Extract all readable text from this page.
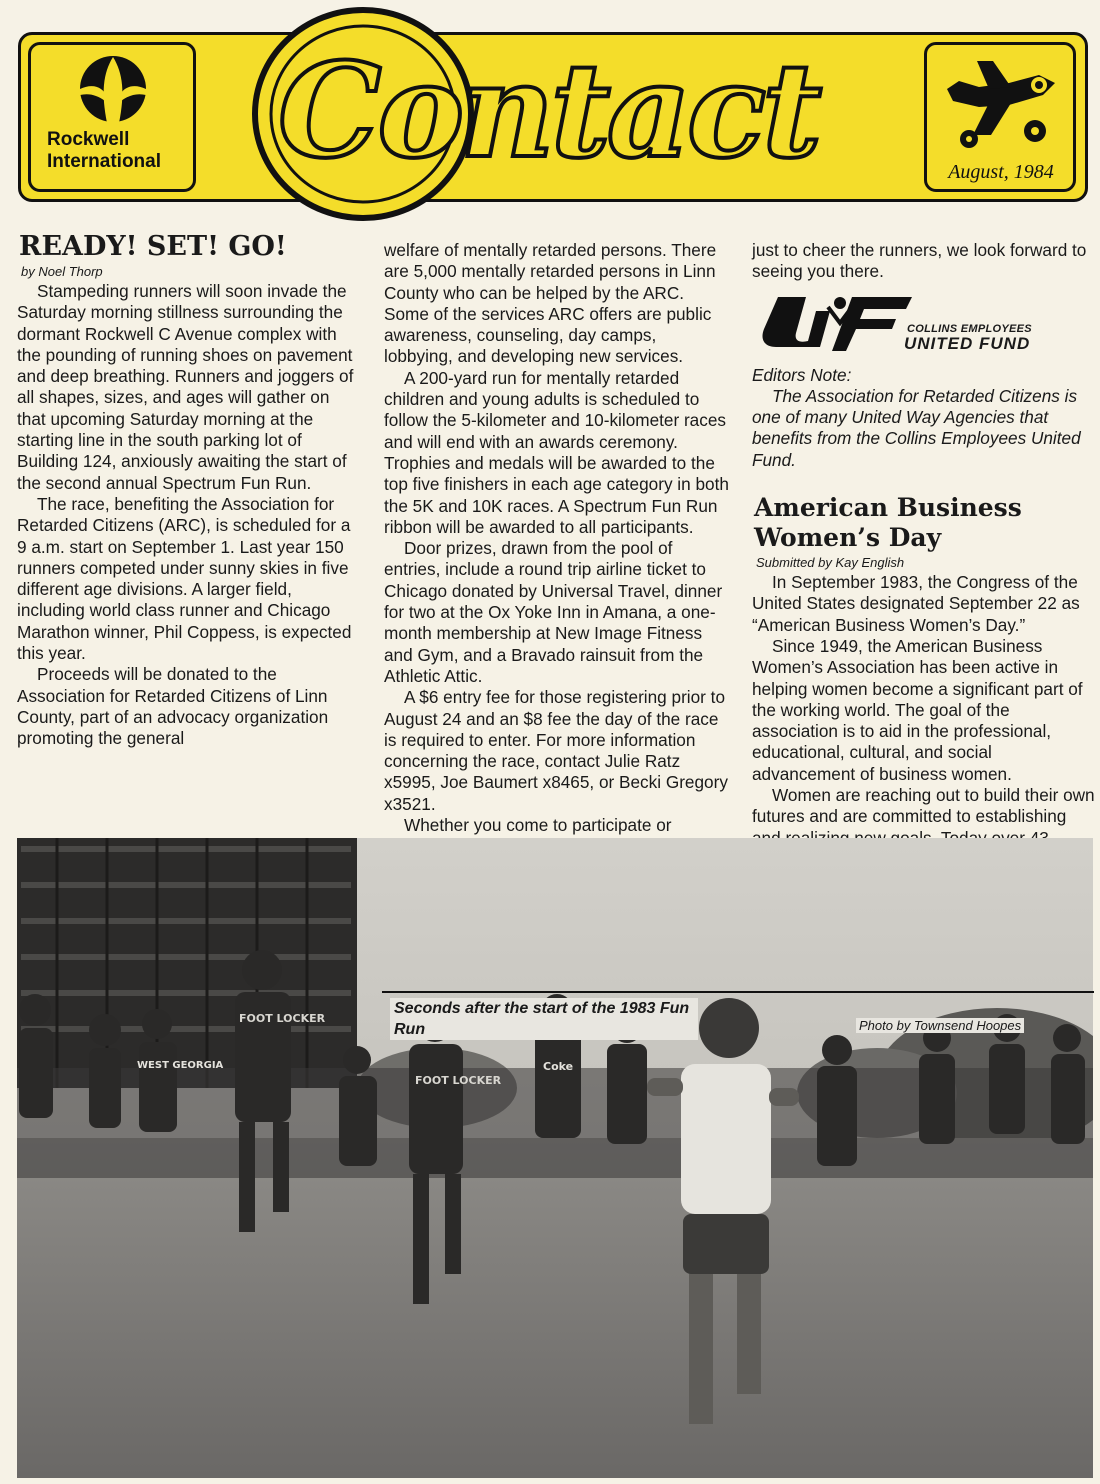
Rockwell
International Contact	August, 1984
READY! SET! GO!
by Noel Thorp

Stampeding runners will soon invade the Saturday morning stillness surrounding the dormant Rockwell C Avenue complex with the pounding of running shoes on pavement and deep breathing. Runners and joggers of all shapes, sizes, and ages will gather on that upcoming Saturday morning at the starting line in the south parking lot of Building 124, anxiously awaiting the start of the second annual Spectrum Fun Run.

The race, benefiting the Association for Retarded Citizens (ARC), is scheduled for a 9 a.m. start on September 1. Last year 150 runners competed under sunny skies in five different age divisions. A larger field, including world class runner and Chicago Marathon winner, Phil Coppess, is expected this year.

Proceeds will be donated to the Association for Retarded Citizens of Linn County, part of an advocacy organization promoting the general

welfare of mentally retarded persons. There are 5,000 mentally retarded persons in Linn County who can be helped by the ARC. Some of the services ARC offers are public awareness, counseling, day camps, lobbying, and developing new services.

A 200-yard run for mentally retarded children and young adults is scheduled to follow the 5-kilometer and 10-kilometer races and will end with an awards ceremony. Trophies and medals will be awarded to the top five finishers in each age category in both the 5K and 10K races. A Spectrum Fun Run ribbon will be awarded to all participants.

Door prizes, drawn from the pool of entries, include a round trip airline ticket to Chicago donated by Universal Travel, dinner for two at the Ox Yoke Inn in Amana, a one-month membership at New Image Fitness and Gym, and a Bravado rainsuit from the Athletic Attic.

A $6 entry fee for those registering prior to August 24 and an $8 fee the day of the race is required to enter. For more information concerning the race, contact Julie Ratz x5995, Joe Baumert x8465, or Becki Gregory x3521.

Whether you come to participate or

just to cheer the runners, we look forward to seeing you there.

COLLINS EMPLOYEES
UNITED FUND

Editors Note:

The Association for Retarded Citizens is one of many United Way Agencies that benefits from the Collins Employees United Fund.

American Business
Women’s Day
Submitted by Kay English

In September 1983, the Congress of the United States designated September 22 as “American Business Women’s Day.”

Since 1949, the American Business Women’s Association has been active in helping women become a significant part of the working world. The goal of the association is to aid in the professional, educational, cultural, and social advancement of business women.

Women are reaching out to build their own futures and are committed to establishing

FOOT LOCKER
WEST GEORGIA
FOOT LOCKER
Coke
Seconds after the start of the 1983 Fun Run	Photo by Townsend Hoopes
